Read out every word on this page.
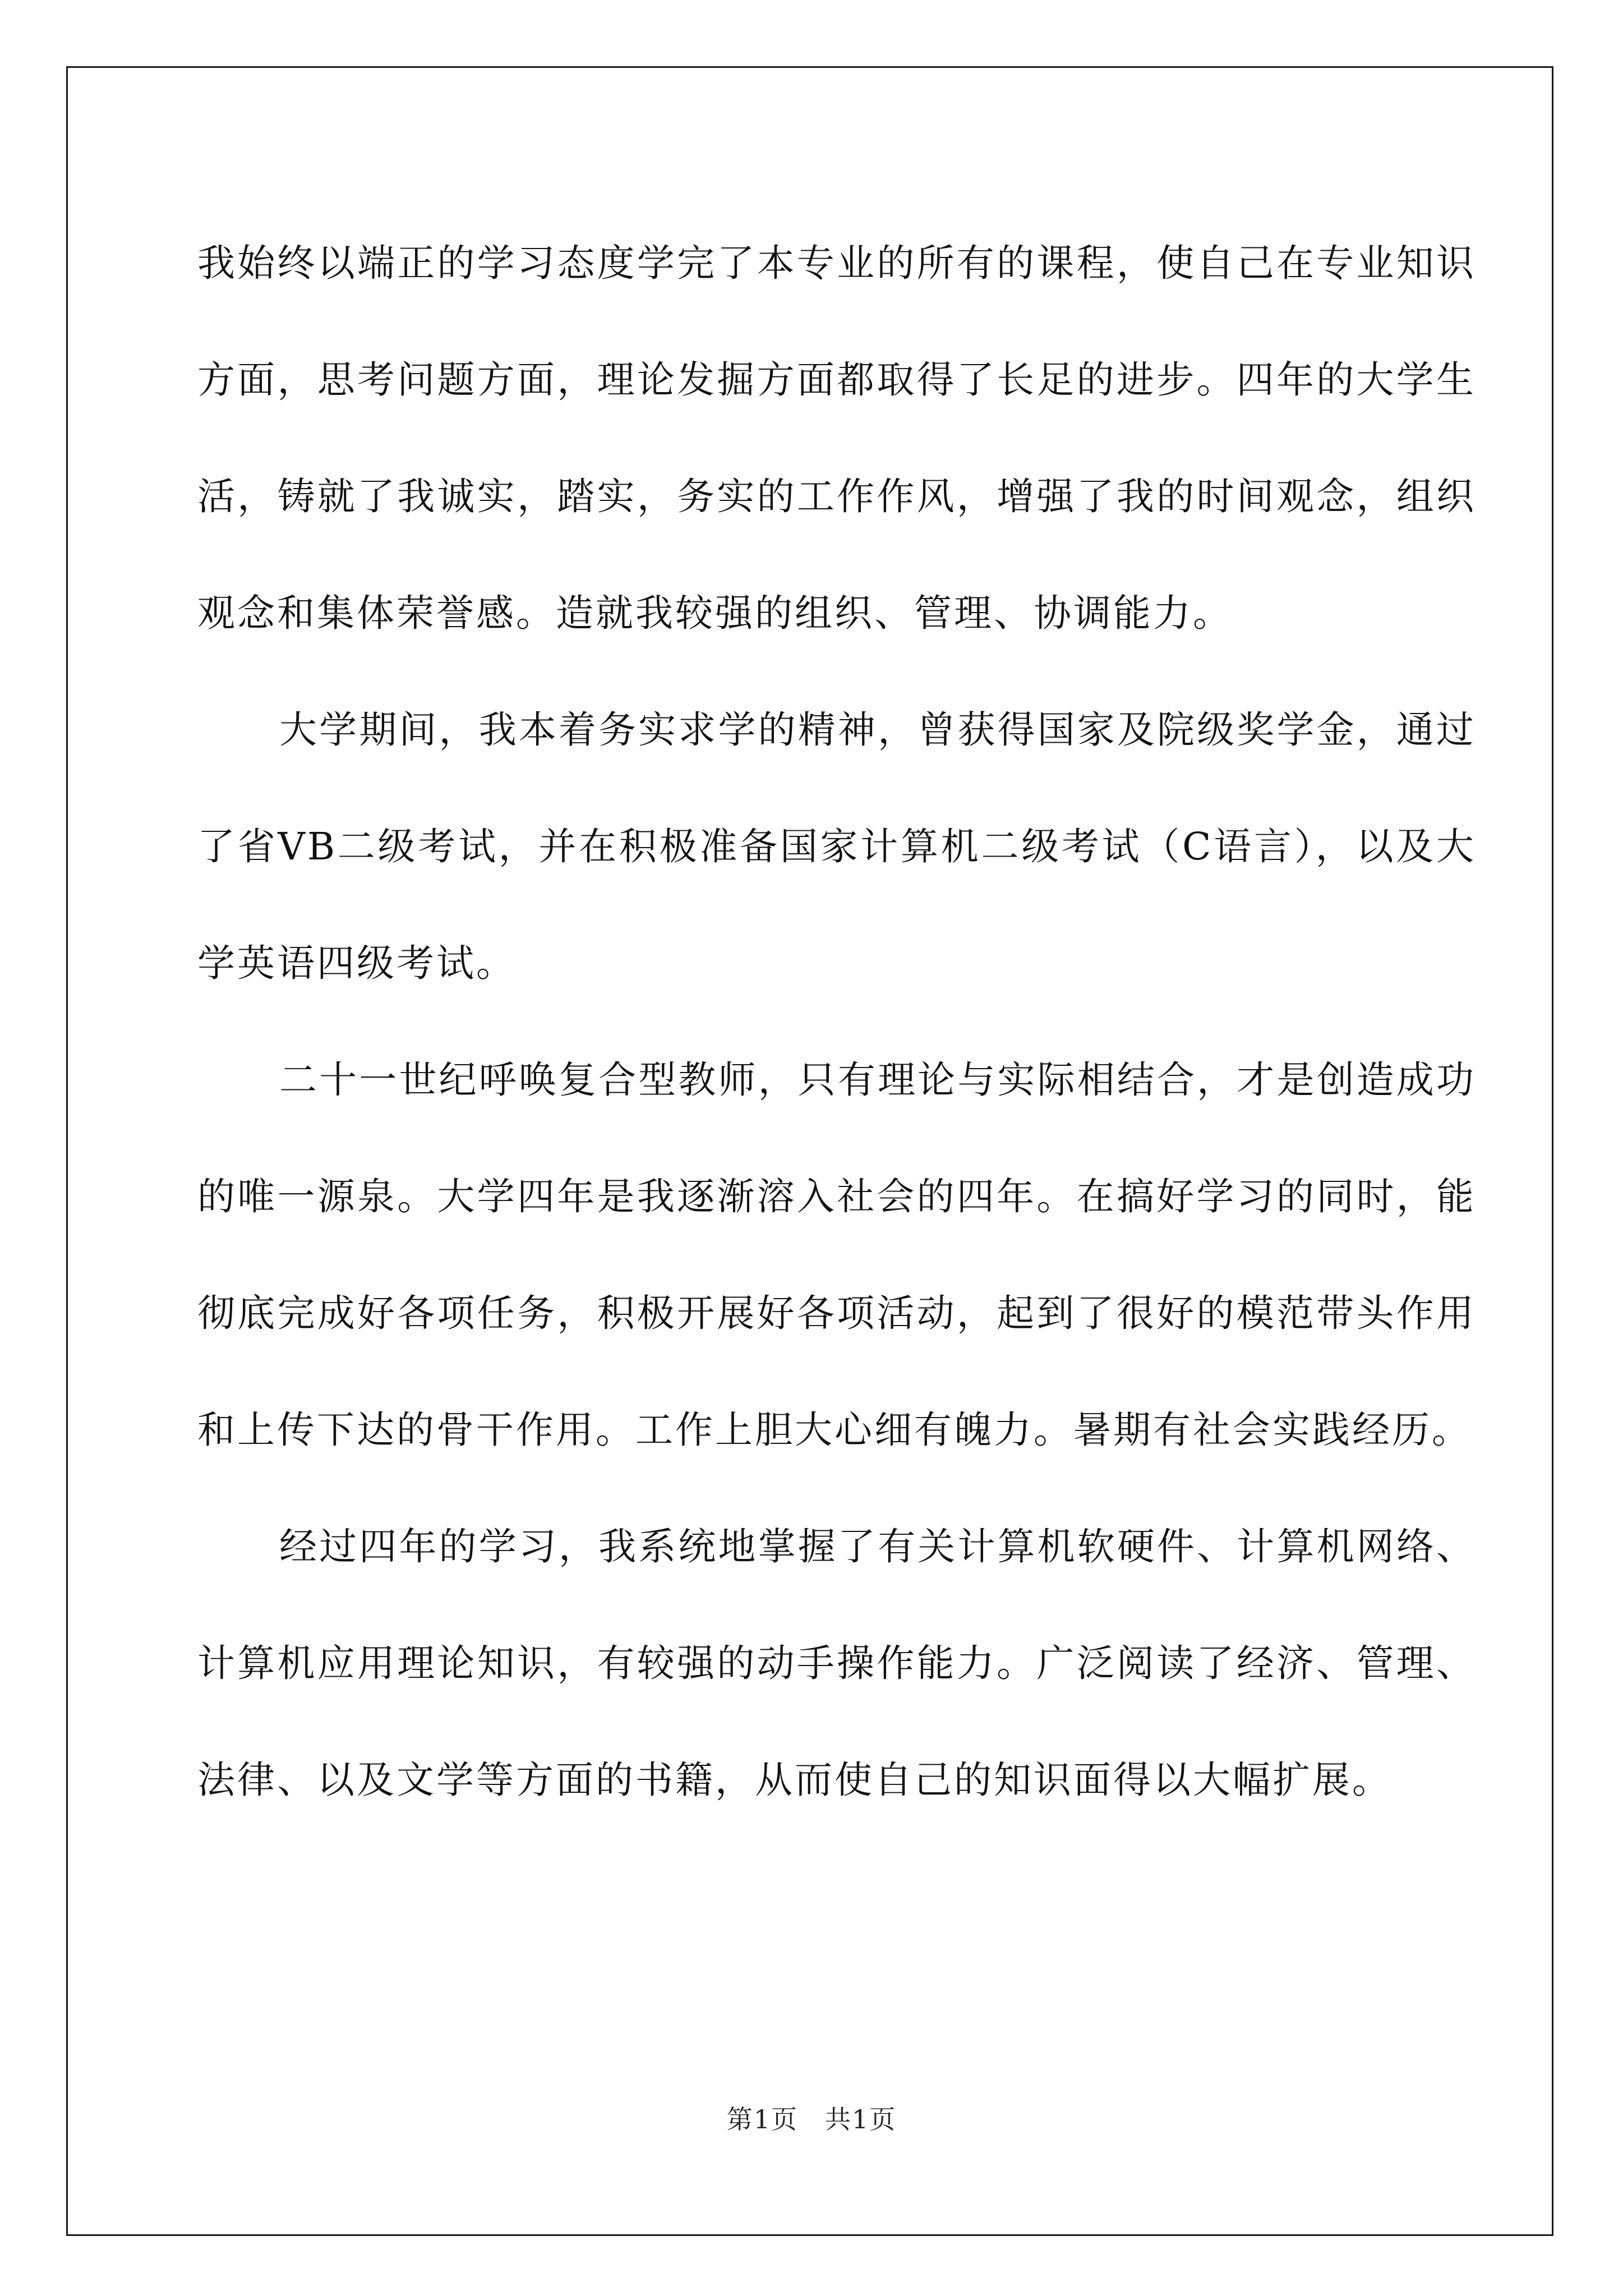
我始终以端正的学习态度学完了本专业的所有的课程，使自己在专业知识方面，思考问题方面，理论发掘方面都取得了长足的进步。四年的大学生活，铸就了我诚实，踏实，务实的工作作风，增强了我的时间观念，组织观念和集体荣誉感。造就我较强的组织、管理、协调能力。

大学期间，我本着务实求学的精神，曾获得国家及院级奖学金，通过了省VB二级考试，并在积极准备国家计算机二级考试（C语言），以及大学英语四级考试。

二十一世纪呼唤复合型教师，只有理论与实际相结合，才是创造成功的唯一源泉。大学四年是我逐渐溶入社会的四年。在搞好学习的同时，能彻底完成好各项任务，积极开展好各项活动，起到了很好的模范带头作用和上传下达的骨干作用。工作上胆大心细有魄力。暑期有社会实践经历。

经过四年的学习，我系统地掌握了有关计算机软硬件、计算机网络、计算机应用理论知识，有较强的动手操作能力。广泛阅读了经济、管理、法律、以及文学等方面的书籍，从而使自己的知识面得以大幅扩展。

第1页　共1页
